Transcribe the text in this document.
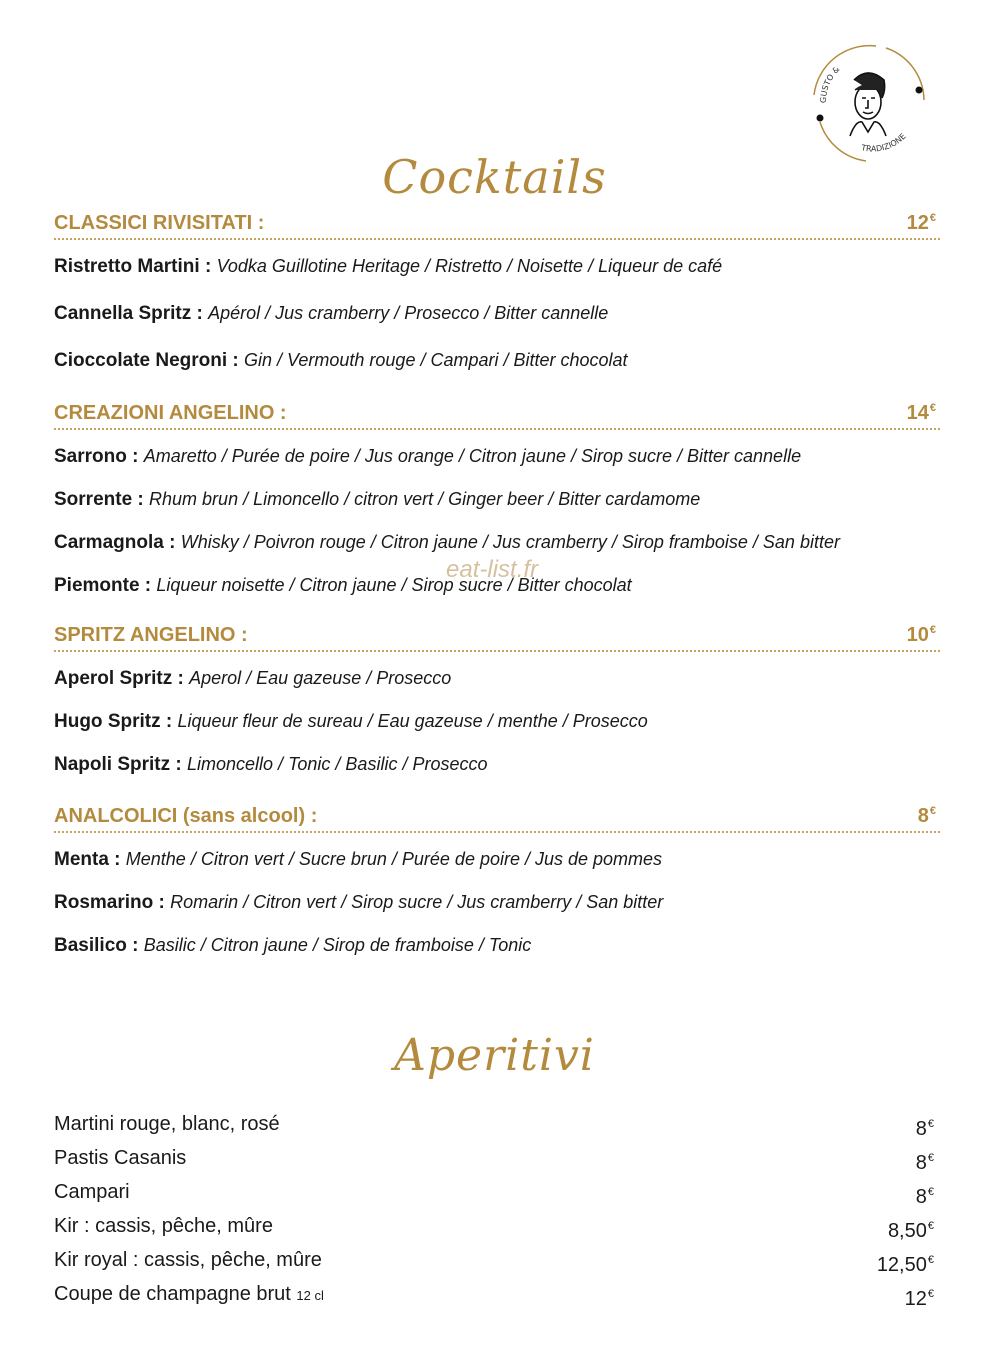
GUSTO &
TRADIZIONE
Cocktails
CLASSICI RIVISITATI :	12€
Ristretto Martini : Vodka Guillotine Heritage / Ristretto / Noisette / Liqueur de café
Cannella Spritz : Apérol / Jus cramberry / Prosecco / Bitter cannelle
Cioccolate Negroni : Gin / Vermouth rouge / Campari / Bitter chocolat
CREAZIONI ANGELINO :	14€
Sarrono : Amaretto / Purée de poire / Jus orange / Citron jaune / Sirop sucre / Bitter cannelle
Sorrente : Rhum brun / Limoncello / citron vert / Ginger beer / Bitter cardamome
Carmagnola : Whisky / Poivron rouge / Citron jaune / Jus cramberry / Sirop framboise / San bitter
Piemonte : Liqueur noisette / Citron jaune / Sirop sucre / Bitter chocolat
eat-list.fr
SPRITZ ANGELINO :	10€
Aperol Spritz : Aperol / Eau gazeuse / Prosecco
Hugo Spritz : Liqueur fleur de sureau / Eau gazeuse / menthe / Prosecco
Napoli Spritz : Limoncello / Tonic / Basilic / Prosecco
ANALCOLICI (sans alcool) :	8€
Menta : Menthe / Citron vert / Sucre brun / Purée de poire / Jus de pommes
Rosmarino : Romarin / Citron vert / Sirop sucre / Jus cramberry / San bitter
Basilico : Basilic / Citron jaune / Sirop de framboise / Tonic
Aperitivi
Martini rouge, blanc, rosé	8€
Pastis Casanis	8€
Campari	8€
Kir : cassis, pêche, mûre	8,50€
Kir royal : cassis, pêche, mûre	12,50€
Coupe de champagne brut 12 cl	12€
